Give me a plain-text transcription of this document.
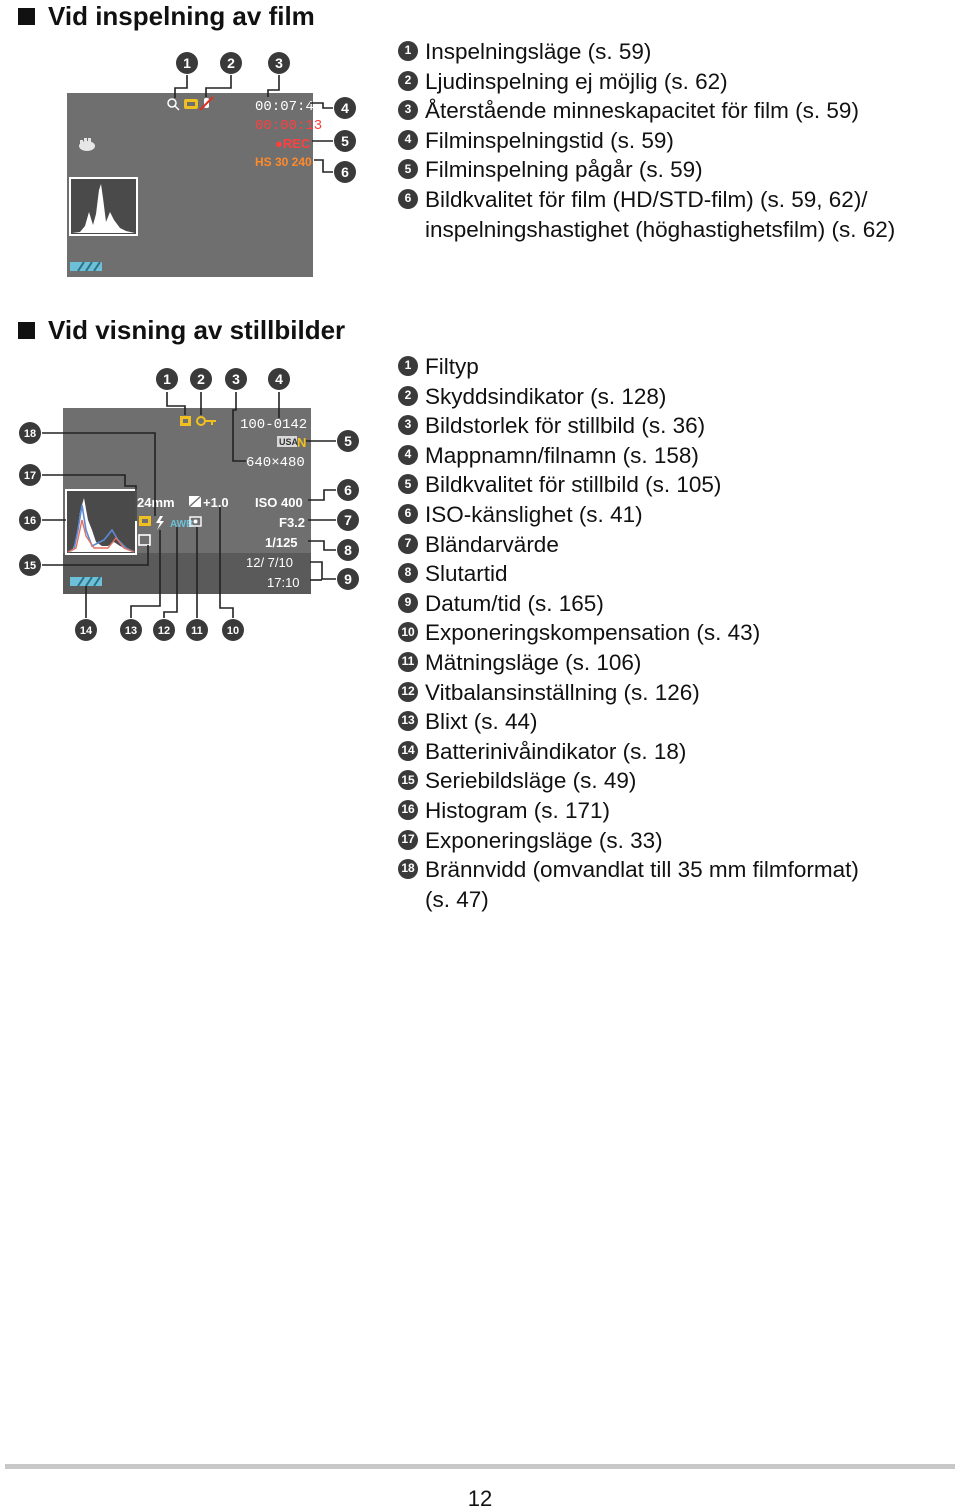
Vid inspelning av film
00:07:41
00:00:13
●REC
HS 30 240
1	2	3
4
5
6
100-0142
USA
N
640×480
24mm +1.0 ISO 400
F3.2
1/125
12/ 7/10
17:10
AWB
1 2 3	4
5
6
7
8
9
10
11
12
13
14
15
16
17
18
1 Inspelningsläge (s. 59)
2 Ljudinspelning ej möjlig (s. 62)
3 Återstående minneskapacitet för film (s. 59)
4 Filminspelningstid (s. 59)
5 Filminspelning pågår (s. 59)
6 Bildkvalitet för film (HD/STD-film) (s. 59, 62)/
inspelningshastighet (höghastighetsfilm) (s. 62)
Vid visning av stillbilder
1 Filtyp
2 Skyddsindikator (s. 128)
3 Bildstorlek för stillbild (s. 36)
4 Mappnamn/filnamn (s. 158)
5 Bildkvalitet för stillbild (s. 105)
6 ISO-känslighet (s. 41)
7 Bländarvärde
8 Slutartid
9 Datum/tid (s. 165)
10 Exponeringskompensation (s. 43)
11 Mätningsläge (s. 106)
12 Vitbalansinställning (s. 126)
13 Blixt (s. 44)
14 Batterinivåindikator (s. 18)
15 Seriebildsläge (s. 49)
16 Histogram (s. 171)
17 Exponeringsläge (s. 33)
18 Brännvidd (omvandlat till 35 mm filmformat)
(s. 47)
12
